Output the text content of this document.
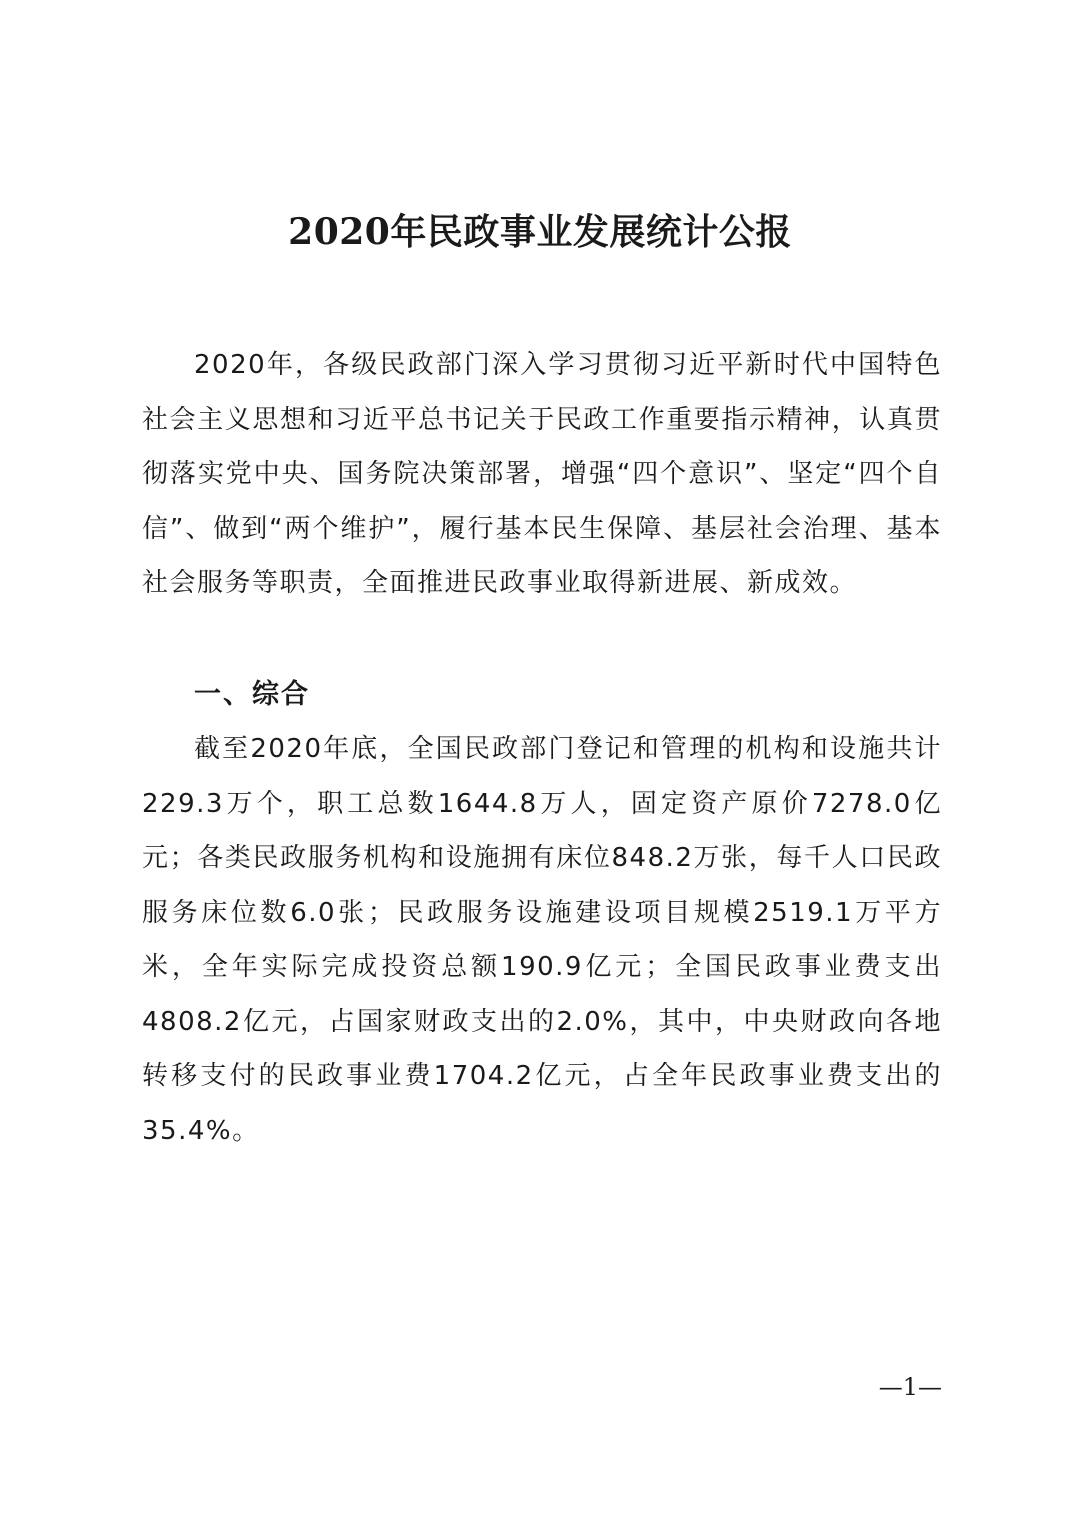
2020年民政事业发展统计公报

2020年，各级民政部门深入学习贯彻习近平新时代中国特色社会主义思想和习近平总书记关于民政工作重要指示精神，认真贯彻落实党中央、国务院决策部署，增强“四个意识”、坚定“四个自信”、做到“两个维护”，履行基本民生保障、基层社会治理、基本社会服务等职责，全面推进民政事业取得新进展、新成效。

一、综合

截至2020年底，全国民政部门登记和管理的机构和设施共计229.3万个，职工总数1644.8万人，固定资产原价7278.0亿元；各类民政服务机构和设施拥有床位848.2万张，每千人口民政服务床位数6.0张；民政服务设施建设项目规模2519.1万平方米，全年实际完成投资总额190.9亿元；全国民政事业费支出4808.2亿元，占国家财政支出的2.0%，其中，中央财政向各地转移支付的民政事业费1704.2亿元，占全年民政事业费支出的35.4%。

—1—
